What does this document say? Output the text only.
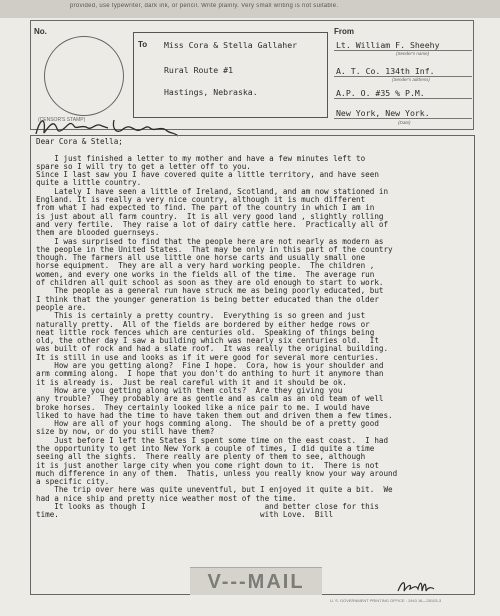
provided, use typewriter, dark ink, or pencil. Write plainly. Very small writing is not suitable.
No.
To Miss Cora & Stella Gallaher
Rural Route #1
Hastings, Nebraska.
From
Lt. William F. Sheehy
(Sender's name)
A. T. Co. 134th Inf.
(Sender's address)
A.P. O. #35 % P.M.
New York, New York.
(Date)
(CENSOR'S STAMP)
Dear Cora & Stella;

I just finished a letter to my mother and have a few minutes left to
spare so I will try to get a letter off to you.
Since I last saw you I have covered quite a little territory, and have seen
quite a little country.
Lately I have seen a little of Ireland, Scotland, and am now stationed in
England. It is really a very nice country, although it is much different
from what I had expected to find. The part of the country in which I am in
is just about all farm country.  It is all very good land , slightly rolling
and very fertile.  They raise a lot of dairy cattle here.  Practically all of
them are blooded guernseys.
I was surprised to find that the people here are not nearly as modern as
the people in the United States.  That may be only in this part of the country
though. The farmers all use little one horse carts and usually small one
horse equipment.  They are all a very hard working people.  The children ,
women, and every one works in the fields all of the time.  The average run
of children all quit school as soon as they are old enough to start to work.
The people as a general run have struck me as being poorly educated, but
I think that the younger generation is being better educated than the older
people are.
This is certainly a pretty country.  Everything is so green and just
naturally pretty.  All of the fields are bordered by either hedge rows or
neat little rock fences which are centuries old.  Speaking of things being
old, the other day I saw a building which was nearly six centuries old.  It
was built of rock and had a slate roof.  It was really the original building.
It is still in use and looks as if it were good for several more centuries.
How are you getting along?  Fine I hope.  Cora, how is your shoulder and
arm comming along.  I hope that you don't do anthing to hurt it anymore than
it is already is.  Just be real careful with it and it should be ok.
How are you getting along with them colts?  Are they giving you
any trouble?  They probably are as gentle and as calm as an old team of well
broke horses.  They certainly looked like a nice pair to me. I would have
liked to have had the time to have taken them out and driven them a few times.
How are all of your hogs comming along.  The should be of a pretty good
size by now, or do you still have them?
Just before I left the States I spent some time on the east coast.  I had
the opportunity to get into New York a couple of times, I did quite a time
seeing all the sights.  There really are plenty of them to see, although
it is just another large city when you come right down to it.  There is not
much difference in any of them.  Thatis, unless you really know your way around
a specific city.
The trip over here was quite uneventful, but I enjoyed it quite a bit.  We
had a nice ship and pretty nice weather most of the time.
It looks as though I                          and better close for this
time.                                            with Love.  Bill
V---MAIL
U. S. GOVERNMENT PRINTING OFFICE : 1943 16—28103-3
